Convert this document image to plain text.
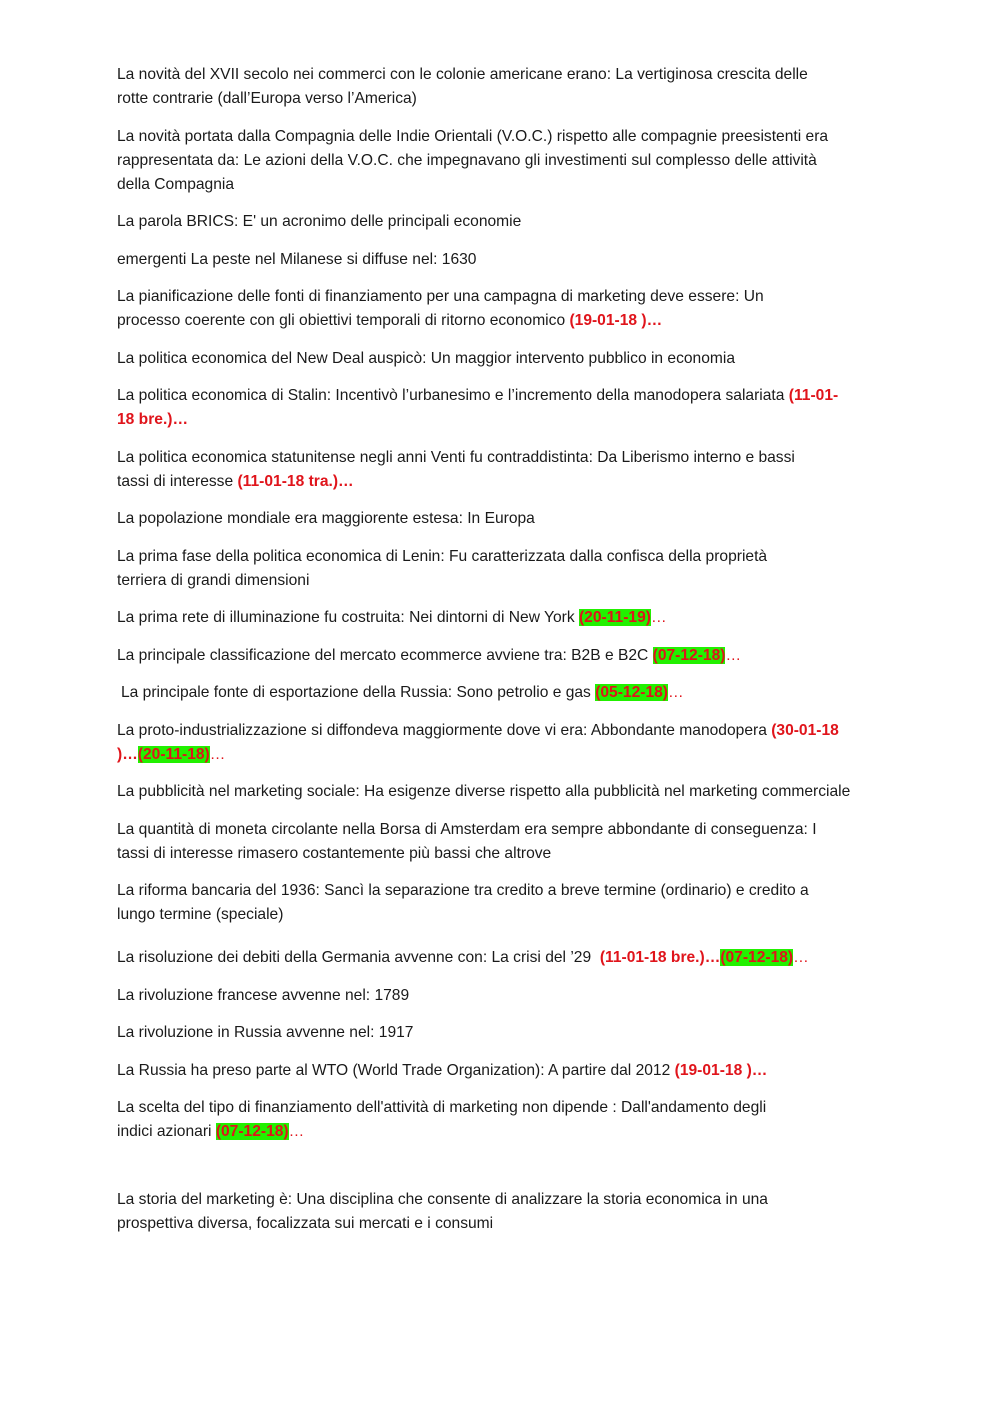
La novità del XVII secolo nei commerci con le colonie americane erano: La vertiginosa crescita delle
rotte contrarie (dall’Europa verso l’America)

La novità portata dalla Compagnia delle Indie Orientali (V.O.C.) rispetto alle compagnie preesistenti era
rappresentata da: Le azioni della V.O.C. che impegnavano gli investimenti sul complesso delle attività
della Compagnia

La parola BRICS: E' un acronimo delle principali economie

emergenti La peste nel Milanese si diffuse nel: 1630

La pianificazione delle fonti di finanziamento per una campagna di marketing deve essere: Un
processo coerente con gli obiettivi temporali di ritorno economico (19-01-18 )…

La politica economica del New Deal auspicò: Un maggior intervento pubblico in economia

La politica economica di Stalin: Incentivò l’urbanesimo e l’incremento della manodopera salariata (11-01-
18 bre.)…

La politica economica statunitense negli anni Venti fu contraddistinta: Da Liberismo interno e bassi
tassi di interesse (11-01-18 tra.)…

La popolazione mondiale era maggiorente estesa: In Europa

La prima fase della politica economica di Lenin: Fu caratterizzata dalla confisca della proprietà
terriera di grandi dimensioni

La prima rete di illuminazione fu costruita: Nei dintorni di New York (20-11-19)…

La principale classificazione del mercato ecommerce avviene tra: B2B e B2C (07-12-18)…

La principale fonte di esportazione della Russia: Sono petrolio e gas (05-12-18)…

La proto-industrializzazione si diffondeva maggiormente dove vi era: Abbondante manodopera (30-01-18
)…(20-11-18)…

La pubblicità nel marketing sociale: Ha esigenze diverse rispetto alla pubblicità nel marketing commerciale

La quantità di moneta circolante nella Borsa di Amsterdam era sempre abbondante di conseguenza: I
tassi di interesse rimasero costantemente più bassi che altrove

La riforma bancaria del 1936: Sancì la separazione tra credito a breve termine (ordinario) e credito a
lungo termine (speciale)

La risoluzione dei debiti della Germania avvenne con: La crisi del ’29  (11-01-18 bre.)…(07-12-18)…

La rivoluzione francese avvenne nel: 1789

La rivoluzione in Russia avvenne nel: 1917

La Russia ha preso parte al WTO (World Trade Organization): A partire dal 2012 (19-01-18 )…

La scelta del tipo di finanziamento dell'attività di marketing non dipende : Dall'andamento degli
indici azionari (07-12-18)…

La storia del marketing è: Una disciplina che consente di analizzare la storia economica in una
prospettiva diversa, focalizzata sui mercati e i consumi
